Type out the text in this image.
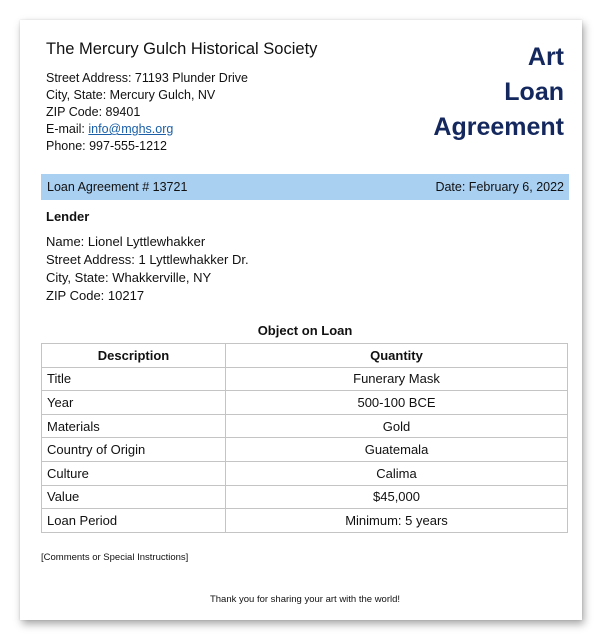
The Mercury Gulch Historical Society
Street Address: 71193 Plunder Drive
City, State: Mercury Gulch, NV
ZIP Code: 89401
E-mail: info@mghs.org
Phone: 997-555-1212
Art
Loan
Agreement
Loan Agreement # 13721	Date: February 6, 2022
Lender
Name: Lionel Lyttlewhakker
Street Address: 1 Lyttlewhakker Dr.
City, State: Whakkerville, NY
ZIP Code: 10217
Object on Loan
Description	Quantity
Title	Funerary Mask
Year	500-100 BCE
Materials	Gold
Country of Origin	Guatemala
Culture	Calima
Value	$45,000
Loan Period	Minimum: 5 years
[Comments or Special Instructions]
Thank you for sharing your art with the world!
